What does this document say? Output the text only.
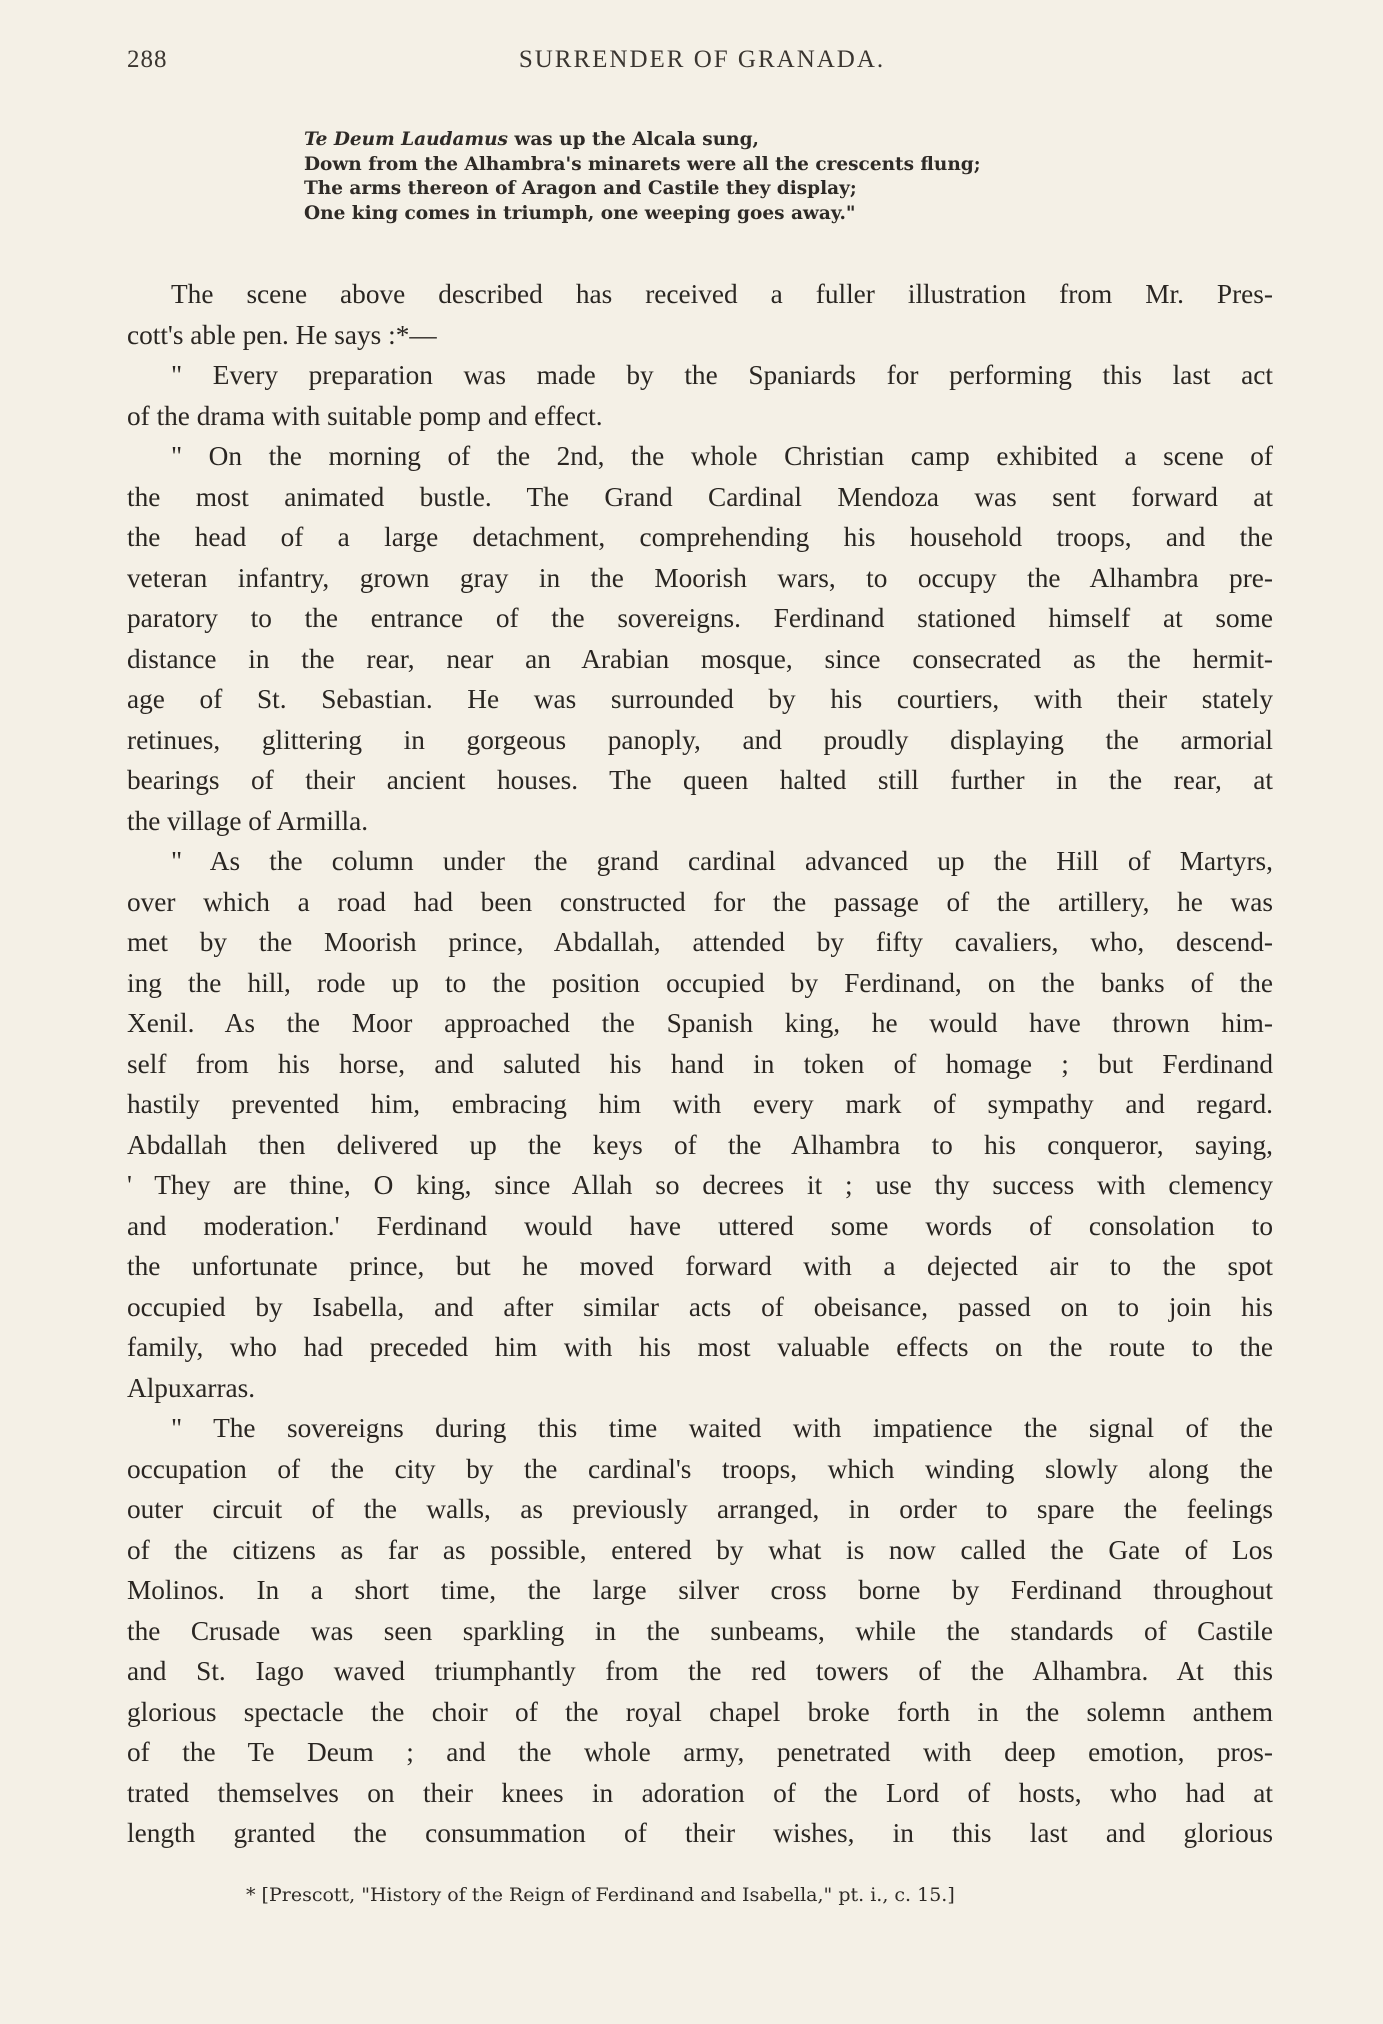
288	SURRENDER OF GRANADA.
Te Deum Laudamus was up the Alcala sung,
Down from the Alhambra's minarets were all the crescents flung;
The arms thereon of Aragon and Castile they display;
One king comes in triumph, one weeping goes away."
The scene above described has received a fuller illustration from Mr. Pres-
cott's able pen. He says :*—
" Every preparation was made by the Spaniards for performing this last act
of the drama with suitable pomp and effect.
" On the morning of the 2nd, the whole Christian camp exhibited a scene of
the most animated bustle. The Grand Cardinal Mendoza was sent forward at
the head of a large detachment, comprehending his household troops, and the
veteran infantry, grown gray in the Moorish wars, to occupy the Alhambra pre-
paratory to the entrance of the sovereigns. Ferdinand stationed himself at some
distance in the rear, near an Arabian mosque, since consecrated as the hermit-
age of St. Sebastian. He was surrounded by his courtiers, with their stately
retinues, glittering in gorgeous panoply, and proudly displaying the armorial
bearings of their ancient houses. The queen halted still further in the rear, at
the village of Armilla.
" As the column under the grand cardinal advanced up the Hill of Martyrs,
over which a road had been constructed for the passage of the artillery, he was
met by the Moorish prince, Abdallah, attended by fifty cavaliers, who, descend-
ing the hill, rode up to the position occupied by Ferdinand, on the banks of the
Xenil. As the Moor approached the Spanish king, he would have thrown him-
self from his horse, and saluted his hand in token of homage ; but Ferdinand
hastily prevented him, embracing him with every mark of sympathy and regard.
Abdallah then delivered up the keys of the Alhambra to his conqueror, saying,
' They are thine, O king, since Allah so decrees it ; use thy success with clemency
and moderation.' Ferdinand would have uttered some words of consolation to
the unfortunate prince, but he moved forward with a dejected air to the spot
occupied by Isabella, and after similar acts of obeisance, passed on to join his
family, who had preceded him with his most valuable effects on the route to the
Alpuxarras.
" The sovereigns during this time waited with impatience the signal of the
occupation of the city by the cardinal's troops, which winding slowly along the
outer circuit of the walls, as previously arranged, in order to spare the feelings
of the citizens as far as possible, entered by what is now called the Gate of Los
Molinos. In a short time, the large silver cross borne by Ferdinand throughout
the Crusade was seen sparkling in the sunbeams, while the standards of Castile
and St. Iago waved triumphantly from the red towers of the Alhambra. At this
glorious spectacle the choir of the royal chapel broke forth in the solemn anthem
of the Te Deum ; and the whole army, penetrated with deep emotion, pros-
trated themselves on their knees in adoration of the Lord of hosts, who had at
length granted the consummation of their wishes, in this last and glorious
* [Prescott, "History of the Reign of Ferdinand and Isabella," pt. i., c. 15.]
